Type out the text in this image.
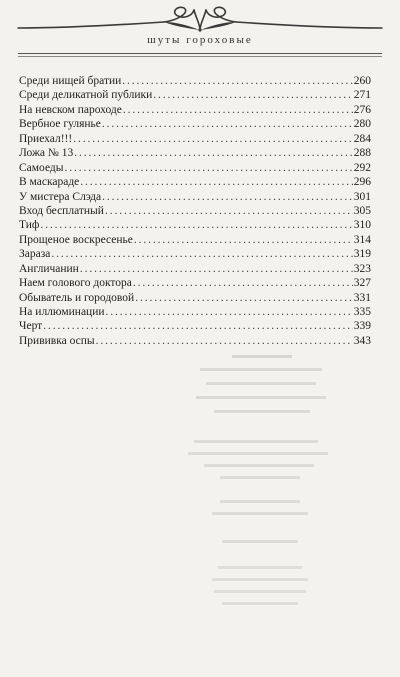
шуты гороховые
Среди нищей братии . . .	260
Среди деликатной публики . . .	271
На невском пароходе . . .	276
Вербное гулянье . . .	280
Приехал!!! . . .	284
Ложа № 13 . . .	288
Самоеды . . .	292
В маскараде . . .	296
У мистера Слэда . . .	301
Вход бесплатный . . .	305
Тиф . . .	310
Прощеное воскресенье . . .	314
Зараза . . .	319
Англичанин . . .	323
Наем голового доктора . . .	327
Обыватель и городовой . . .	331
На иллюминации . . .	335
Черт . . .	339
Прививка оспы . . .	343
